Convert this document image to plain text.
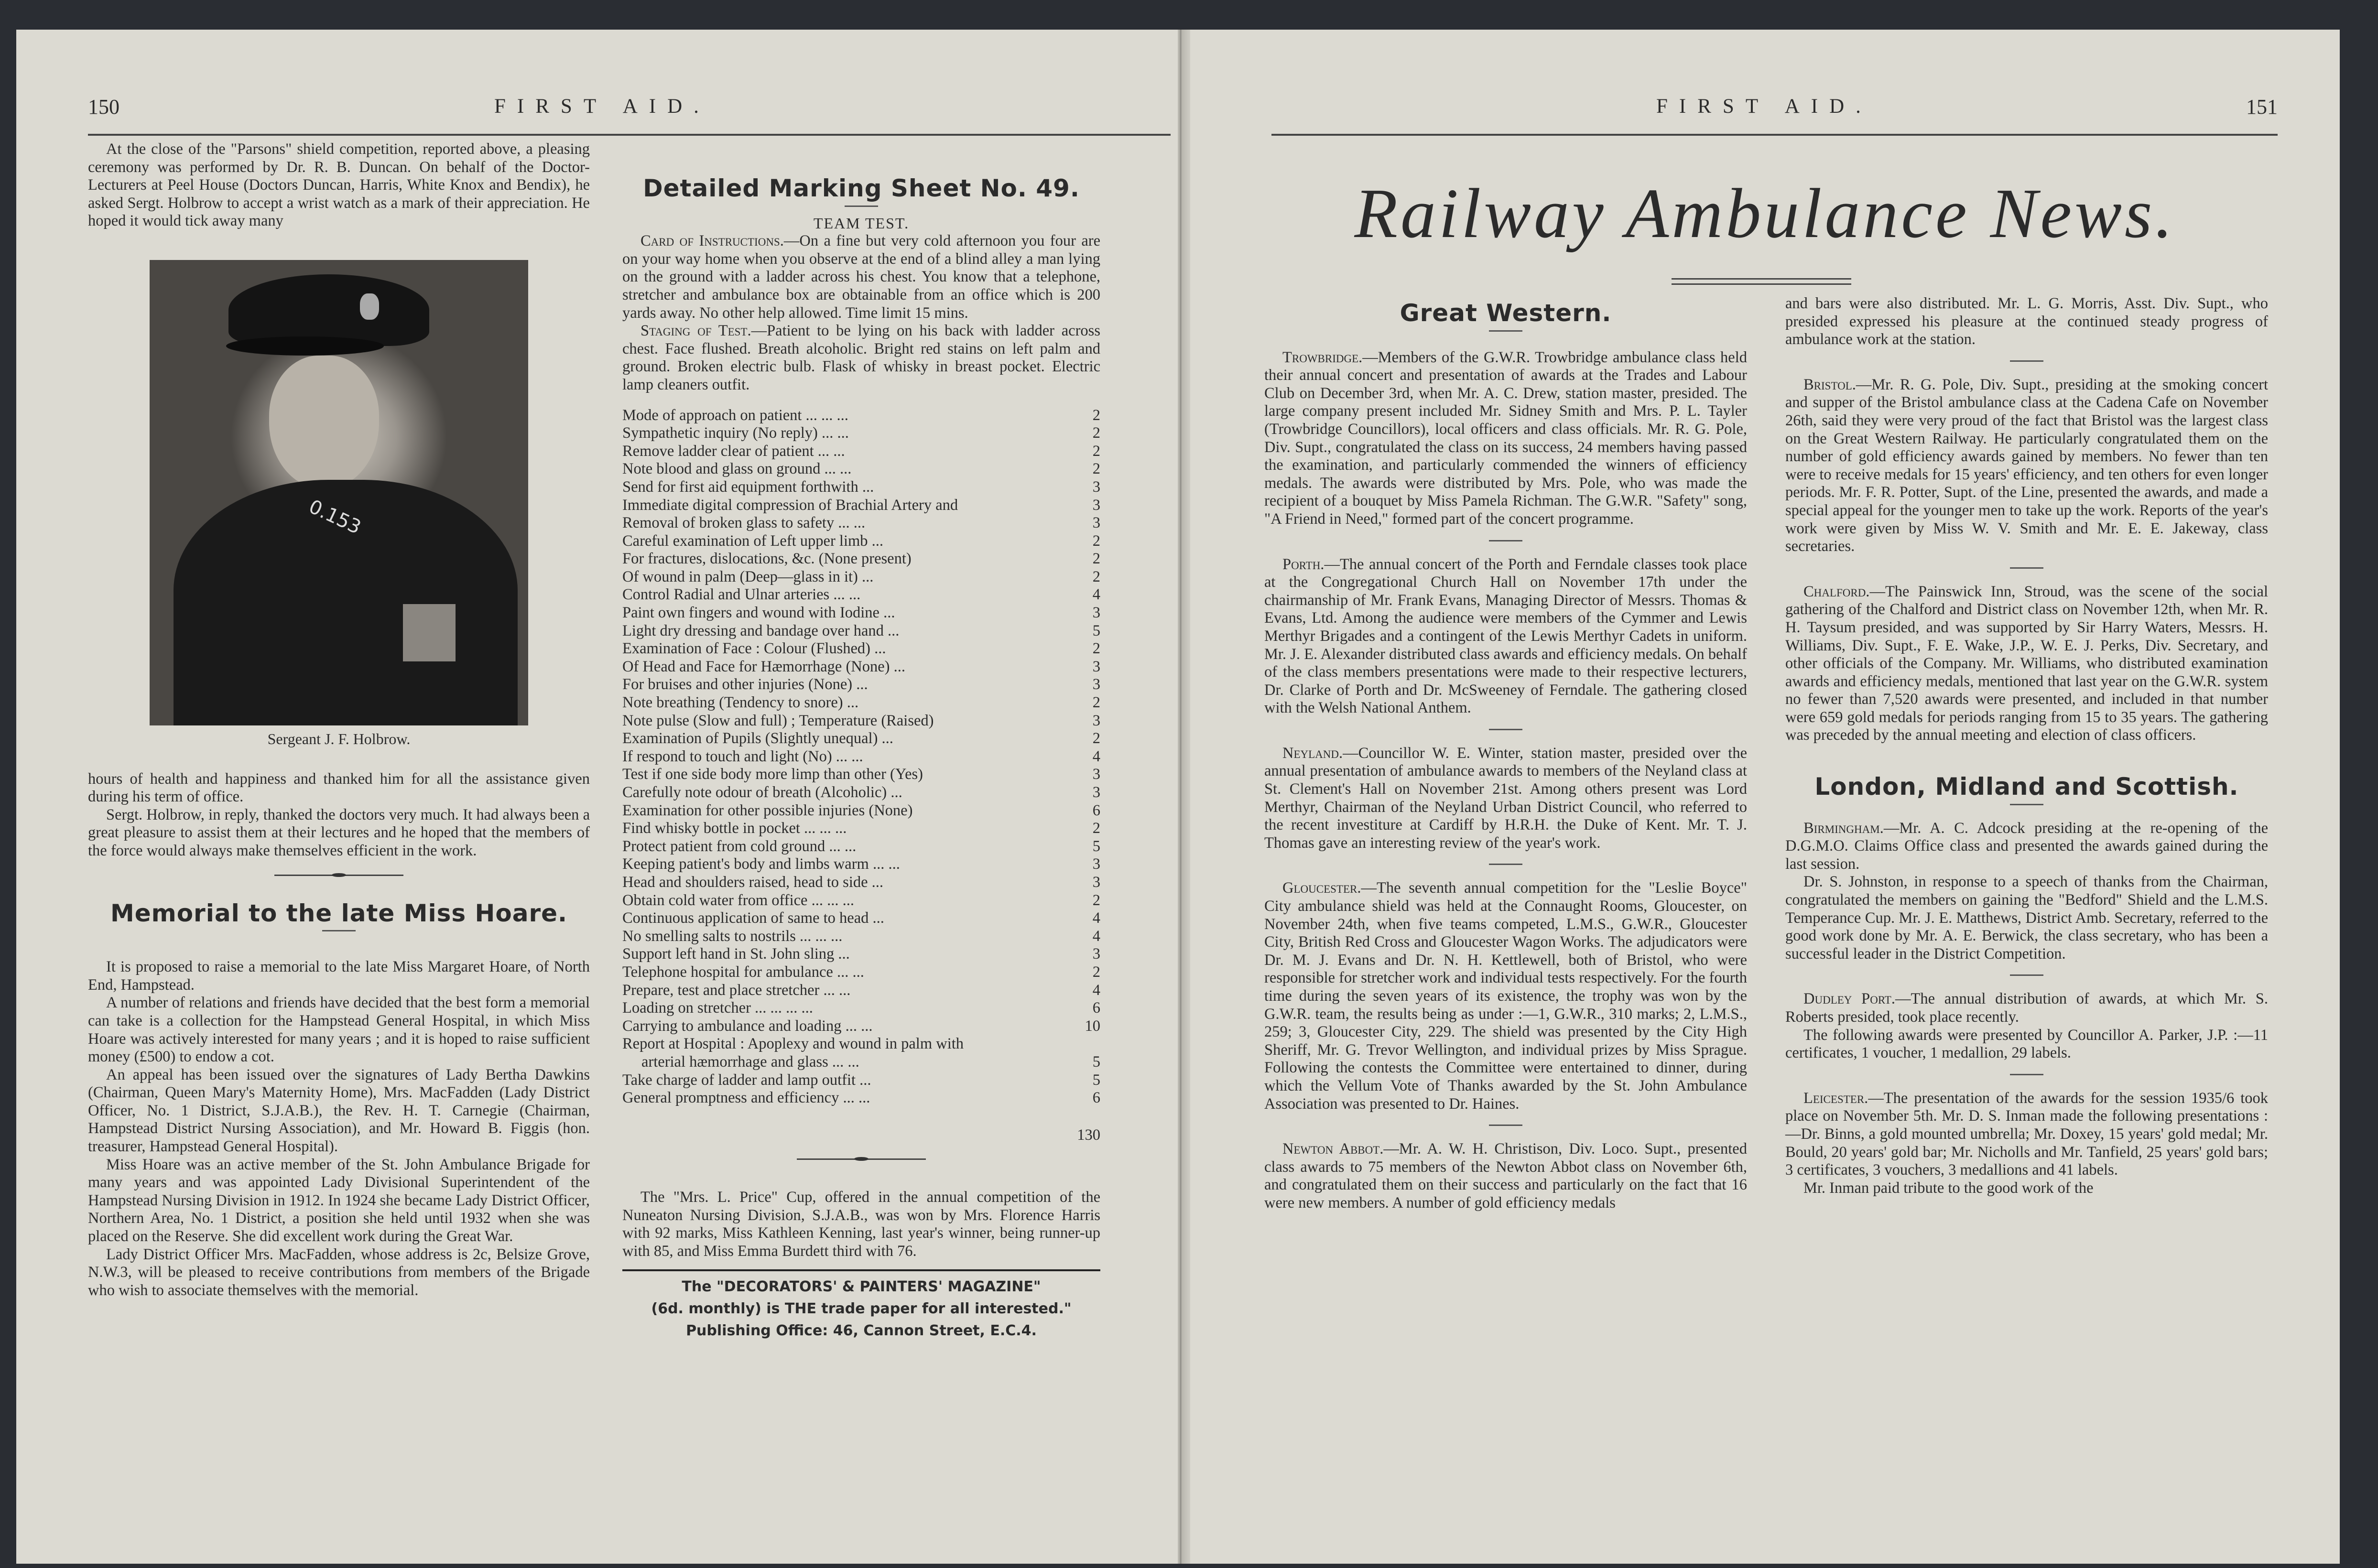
150	FIRST AID.

At the close of the "Parsons" shield competition, reported above, a pleasing ceremony was performed by Dr. R. B. Duncan. On behalf of the Doctor-Lecturers at Peel House (Doctors Duncan, Harris, White Knox and Bendix), he asked Sergt. Holbrow to accept a wrist watch as a mark of their appreciation. He hoped it would tick away many

0.153
Sergeant J. F. Holbrow.

hours of health and happiness and thanked him for all the assistance given during his term of office.

Sergt. Holbrow, in reply, thanked the doctors very much. It had always been a great pleasure to assist them at their lectures and he hoped that the members of the force would always make themselves efficient in the work.

Memorial to the late Miss Hoare.

It is proposed to raise a memorial to the late Miss Margaret Hoare, of North End, Hampstead.

A number of relations and friends have decided that the best form a memorial can take is a collection for the Hampstead General Hospital, in which Miss Hoare was actively interested for many years ; and it is hoped to raise sufficient money (£500) to endow a cot.

An appeal has been issued over the signatures of Lady Bertha Dawkins (Chairman, Queen Mary's Maternity Home), Mrs. MacFadden (Lady District Officer, No. 1 District, S.J.A.B.), the Rev. H. T. Carnegie (Chairman, Hampstead District Nursing Association), and Mr. Howard B. Figgis (hon. treasurer, Hampstead General Hospital).

Miss Hoare was an active member of the St. John Ambulance Brigade for many years and was appointed Lady Divisional Superintendent of the Hampstead Nursing Division in 1912. In 1924 she became Lady District Officer, Northern Area, No. 1 District, a position she held until 1932 when she was placed on the Reserve. She did excellent work during the Great War.

Lady District Officer Mrs. MacFadden, whose address is 2c, Belsize Grove, N.W.3, will be pleased to receive contributions from members of the Brigade who wish to associate themselves with the memorial.

Detailed Marking Sheet No. 49.
TEAM TEST.

Card of Instructions.—On a fine but very cold afternoon you four are on your way home when you observe at the end of a blind alley a man lying on the ground with a ladder across his chest. You know that a telephone, stretcher and ambulance box are obtainable from an office which is 200 yards away. No other help allowed. Time limit 15 mins.

Staging of Test.—Patient to be lying on his back with ladder across chest. Face flushed. Breath alcoholic. Bright red stains on left palm and ground. Broken electric bulb. Flask of whisky in breast pocket. Electric lamp cleaners outfit.

Mode of approach on patient ... ... ...	2
Sympathetic inquiry (No reply) ... ...	2
Remove ladder clear of patient ... ...	2
Note blood and glass on ground ... ...	2
Send for first aid equipment forthwith ...	3
Immediate digital compression of Brachial Artery and	3
Removal of broken glass to safety ... ...	3
Careful examination of Left upper limb ...	2
For fractures, dislocations, &c. (None present)	2
Of wound in palm (Deep—glass in it) ...	2
Control Radial and Ulnar arteries ... ...	4
Paint own fingers and wound with Iodine ...	3
Light dry dressing and bandage over hand ...	5
Examination of Face : Colour (Flushed) ...	2
Of Head and Face for Hæmorrhage (None) ...	3
For bruises and other injuries (None) ...	3
Note breathing (Tendency to snore) ...	2
Note pulse (Slow and full) ; Temperature (Raised)	3
Examination of Pupils (Slightly unequal) ...	2
If respond to touch and light (No) ... ...	4
Test if one side body more limp than other (Yes)	3
Carefully note odour of breath (Alcoholic) ...	3
Examination for other possible injuries (None)	6
Find whisky bottle in pocket ... ... ...	2
Protect patient from cold ground ... ...	5
Keeping patient's body and limbs warm ... ...	3
Head and shoulders raised, head to side ...	3
Obtain cold water from office ... ... ...	2
Continuous application of same to head ...	4
No smelling salts to nostrils ... ... ...	4
Support left hand in St. John sling ...	3
Telephone hospital for ambulance ... ...	2
Prepare, test and place stretcher ... ...	4
Loading on stretcher ... ... ... ...	6
Carrying to ambulance and loading ... ...	10
Report at Hospital : Apoplexy and wound in palm with
arterial hæmorrhage and glass ... ...	5
Take charge of ladder and lamp outfit ...	5
General promptness and efficiency ... ...	6
130

The "Mrs. L. Price" Cup, offered in the annual competition of the Nuneaton Nursing Division, S.J.A.B., was won by Mrs. Florence Harris with 92 marks, Miss Kathleen Kenning, last year's winner, being runner-up with 85, and Miss Emma Burdett third with 76.

The "DECORATORS' & PAINTERS' MAGAZINE"
(6d. monthly) is THE trade paper for all interested."
Publishing Office: 46, Cannon Street, E.C.4.
FIRST AID.	151
Railway Ambulance News.
Great Western.

Trowbridge.—Members of the G.W.R. Trowbridge ambulance class held their annual concert and presentation of awards at the Trades and Labour Club on December 3rd, when Mr. A. C. Drew, station master, presided. The large company present included Mr. Sidney Smith and Mrs. P. L. Tayler (Trowbridge Councillors), local officers and class officials. Mr. R. G. Pole, Div. Supt., congratulated the class on its success, 24 members having passed the examination, and particularly commended the winners of efficiency medals. The awards were distributed by Mrs. Pole, who was made the recipient of a bouquet by Miss Pamela Richman. The G.W.R. "Safety" song, "A Friend in Need," formed part of the concert programme.

Porth.—The annual concert of the Porth and Ferndale classes took place at the Congregational Church Hall on November 17th under the chairmanship of Mr. Frank Evans, Managing Director of Messrs. Thomas & Evans, Ltd. Among the audience were members of the Cymmer and Lewis Merthyr Brigades and a contingent of the Lewis Merthyr Cadets in uniform. Mr. J. E. Alexander distributed class awards and efficiency medals. On behalf of the class members presentations were made to their respective lecturers, Dr. Clarke of Porth and Dr. McSweeney of Ferndale. The gathering closed with the Welsh National Anthem.

Neyland.—Councillor W. E. Winter, station master, presided over the annual presentation of ambulance awards to members of the Neyland class at St. Clement's Hall on November 21st. Among others present was Lord Merthyr, Chairman of the Neyland Urban District Council, who referred to the recent investiture at Cardiff by H.R.H. the Duke of Kent. Mr. T. J. Thomas gave an interesting review of the year's work.

Gloucester.—The seventh annual competition for the "Leslie Boyce" City ambulance shield was held at the Connaught Rooms, Gloucester, on November 24th, when five teams competed, L.M.S., G.W.R., Gloucester City, British Red Cross and Gloucester Wagon Works. The adjudicators were Dr. M. J. Evans and Dr. N. H. Kettlewell, both of Bristol, who were responsible for stretcher work and individual tests respectively. For the fourth time during the seven years of its existence, the trophy was won by the G.W.R. team, the results being as under :—1, G.W.R., 310 marks; 2, L.M.S., 259; 3, Gloucester City, 229. The shield was presented by the City High Sheriff, Mr. G. Trevor Wellington, and individual prizes by Miss Sprague. Following the contests the Committee were entertained to dinner, during which the Vellum Vote of Thanks awarded by the St. John Ambulance Association was presented to Dr. Haines.

Newton Abbot.—Mr. A. W. H. Christison, Div. Loco. Supt., presented class awards to 75 members of the Newton Abbot class on November 6th, and congratulated them on their success and particularly on the fact that 16 were new members. A number of gold efficiency medals

and bars were also distributed. Mr. L. G. Morris, Asst. Div. Supt., who presided expressed his pleasure at the continued steady progress of ambulance work at the station.

Bristol.—Mr. R. G. Pole, Div. Supt., presiding at the smoking concert and supper of the Bristol ambulance class at the Cadena Cafe on November 26th, said they were very proud of the fact that Bristol was the largest class on the Great Western Railway. He particularly congratulated them on the number of gold efficiency awards gained by members. No fewer than ten were to receive medals for 15 years' efficiency, and ten others for even longer periods. Mr. F. R. Potter, Supt. of the Line, presented the awards, and made a special appeal for the younger men to take up the work. Reports of the year's work were given by Miss W. V. Smith and Mr. E. E. Jakeway, class secretaries.

Chalford.—The Painswick Inn, Stroud, was the scene of the social gathering of the Chalford and District class on November 12th, when Mr. R. H. Taysum presided, and was supported by Sir Harry Waters, Messrs. H. Williams, Div. Supt., F. E. Wake, J.P., W. E. J. Perks, Div. Secretary, and other officials of the Company. Mr. Williams, who distributed examination awards and efficiency medals, mentioned that last year on the G.W.R. system no fewer than 7,520 awards were presented, and included in that number were 659 gold medals for periods ranging from 15 to 35 years. The gathering was preceded by the annual meeting and election of class officers.

London, Midland and Scottish.

Birmingham.—Mr. A. C. Adcock presiding at the re-opening of the D.G.M.O. Claims Office class and presented the awards gained during the last session.

Dr. S. Johnston, in response to a speech of thanks from the Chairman, congratulated the members on gaining the "Bedford" Shield and the L.M.S. Temperance Cup. Mr. J. E. Matthews, District Amb. Secretary, referred to the good work done by Mr. A. E. Berwick, the class secretary, who has been a successful leader in the District Competition.

Dudley Port.—The annual distribution of awards, at which Mr. S. Roberts presided, took place recently.

The following awards were presented by Councillor A. Parker, J.P. :—11 certificates, 1 voucher, 1 medallion, 29 labels.

Leicester.—The presentation of the awards for the session 1935/6 took place on November 5th. Mr. D. S. Inman made the following presentations :—Dr. Binns, a gold mounted umbrella; Mr. Doxey, 15 years' gold medal; Mr. Bould, 20 years' gold bar; Mr. Nicholls and Mr. Tanfield, 25 years' gold bars; 3 certificates, 3 vouchers, 3 medallions and 41 labels.

Mr. Inman paid tribute to the good work of the
